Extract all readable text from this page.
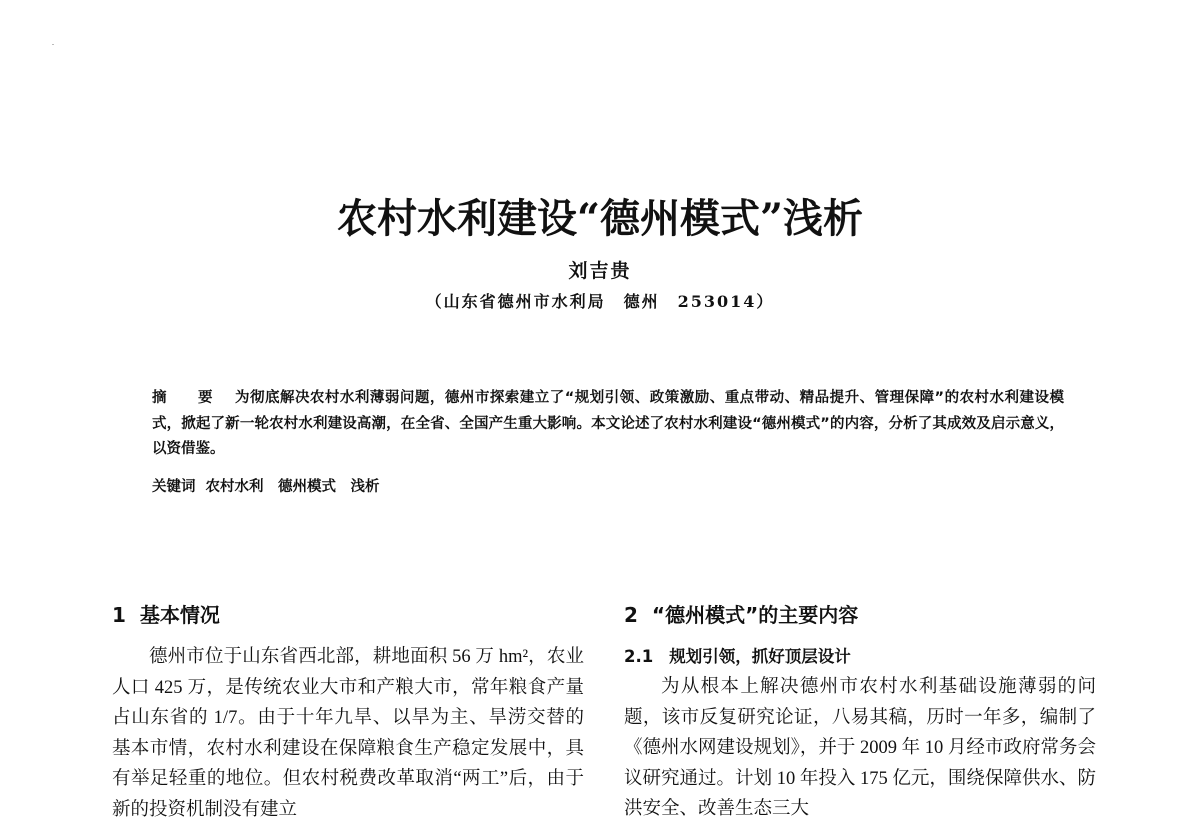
农村水利建设“德州模式”浅析
刘吉贵
（山东省德州市水利局　德州　253014）
摘　要 为彻底解决农村水利薄弱问题，德州市探索建立了“规划引领、政策激励、重点带动、精品提升、管理保障”的农村水利建设模式，掀起了新一轮农村水利建设高潮，在全省、全国产生重大影响。本文论述了农村水利建设“德州模式”的内容，分析了其成效及启示意义，以资借鉴。
关键词 农村水利　德州模式　浅析
1 基本情况

德州市位于山东省西北部，耕地面积 56 万 hm²，农业人口 425 万，是传统农业大市和产粮大市，常年粮食产量占山东省的 1/7。由于十年九旱、以旱为主、旱涝交替的基本市情，农村水利建设在保障粮食生产稳定发展中，具有举足轻重的地位。但农村税费改革取消“两工”后，由于新的投资机制没有建立

2 “德州模式”的主要内容
2.1 规划引领，抓好顶层设计

为从根本上解决德州市农村水利基础设施薄弱的问题，该市反复研究论证，八易其稿，历时一年多，编制了《德州水网建设规划》，并于 2009 年 10 月经市政府常务会议研究通过。计划 10 年投入 175 亿元，围绕保障供水、防洪安全、改善生态三大
